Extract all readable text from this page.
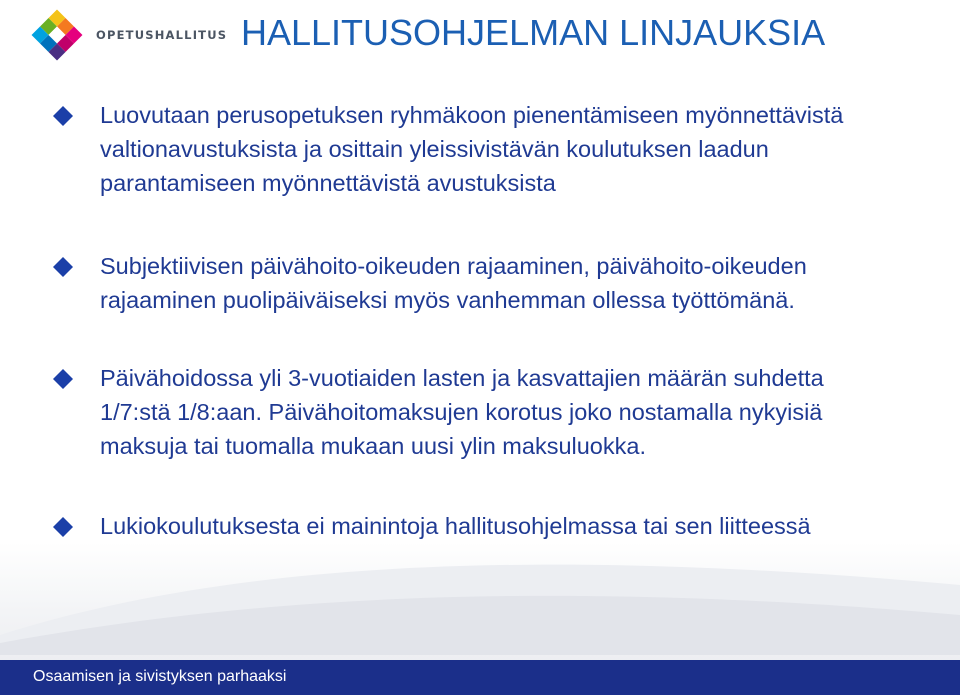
OPETUSHALLITUS HALLITUSOHJELMAN LINJAUKSIA
Luovutaan perusopetuksen ryhmäkoon pienentämiseen myönnettävistä valtionavustuksista ja osittain yleissivistävän koulutuksen laadun parantamiseen myönnettävistä avustuksista
Subjektiivisen päivähoito-oikeuden rajaaminen, päivähoito-oikeuden rajaaminen puolipäiväiseksi myös vanhemman ollessa työttömänä.
Päivähoidossa yli 3-vuotiaiden lasten ja kasvattajien määrän suhdetta 1/7:stä 1/8:aan. Päivähoitomaksujen korotus joko nostamalla nykyisiä maksuja tai tuomalla mukaan uusi ylin maksuluokka.
Lukiokoulutuksesta ei mainintoja hallitusohjelmassa tai sen liitteessä
Osaamisen ja sivistyksen parhaaksi
